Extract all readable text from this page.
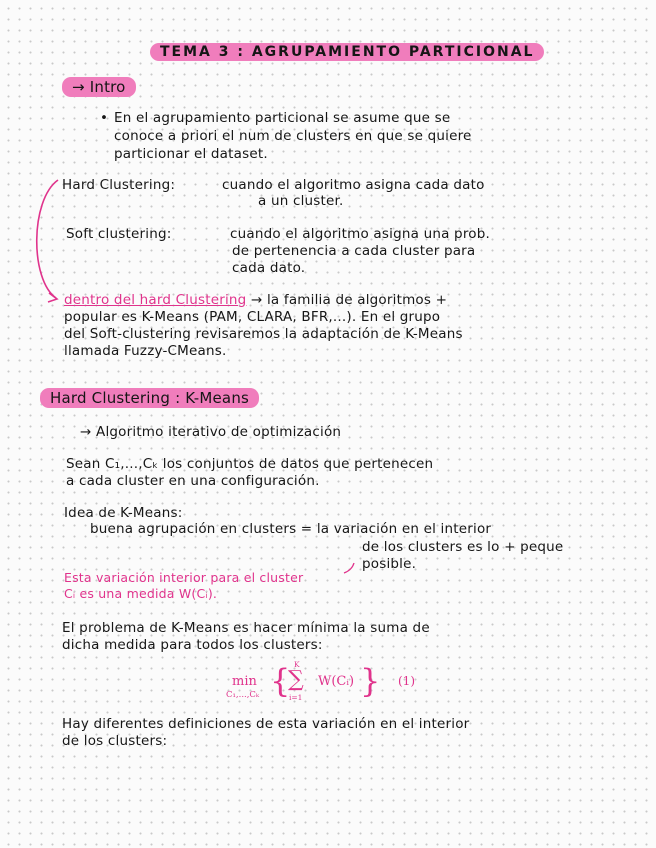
TEMA 3 : AGRUPAMIENTO PARTICIONAL
→ Intro
• En el agrupamiento particional se asume que se
conoce a priori el num de clusters en que se quiere
particionar el dataset.
Hard Clustering:	cuando el algoritmo asigna cada dato
a un cluster.
Soft clustering:	cuando el algoritmo asigna una prob.
de pertenencia a cada cluster para
cada dato.
dentro del hard Clustering → la familia de algoritmos +
popular es K-Means (PAM, CLARA, BFR,...). En el grupo
del Soft-clustering revisaremos la adaptación de K-Means
llamada Fuzzy-CMeans.
Hard Clustering : K-Means
→ Algoritmo iterativo de optimización
Sean C₁,...,Cₖ los conjuntos de datos que pertenecen
a cada cluster en una configuración.
Idea de K-Means:
buena agrupación en clusters = la variación en el interior
de los clusters es lo + peque
posible.
Esta variación interior para el cluster
Cᵢ es una medida W(Cᵢ).
El problema de K-Means es hacer mínima la suma de
dicha medida para todos los clusters:
min
C₁,...,Cₖ { K
∑
i=1
W(Cᵢ) } (1)
Hay diferentes definiciones de esta variación en el interior
de los clusters:
